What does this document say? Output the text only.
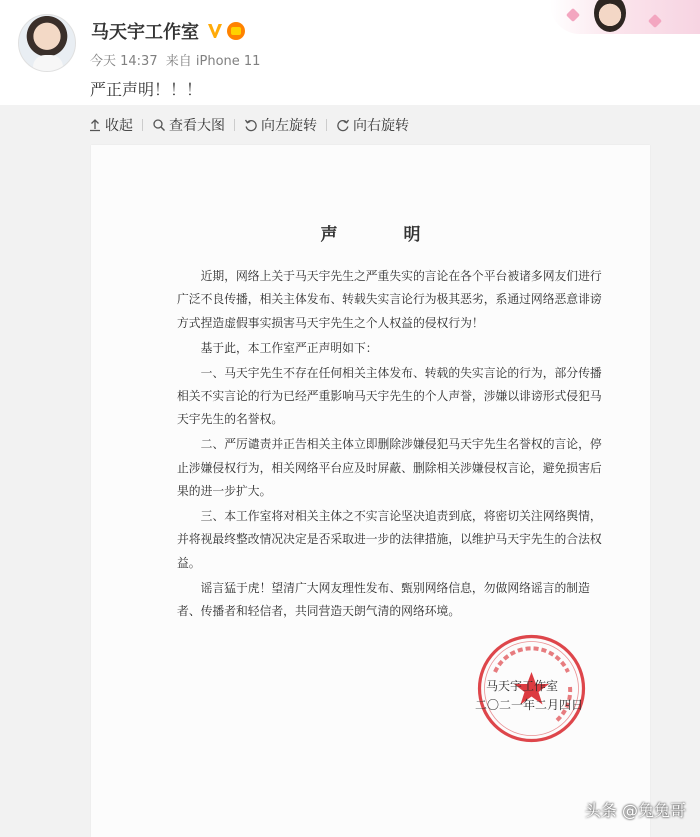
马天宇工作室
今天 14:37 来自 iPhone 11
严正声明！！！
收起	查看大图	向左旋转	向右旋转
声 明

近期，网络上关于马天宇先生之严重失实的言论在各个平台被诸多网友们进行广泛不良传播，相关主体发布、转载失实言论行为极其恶劣，系通过网络恶意诽谤方式捏造虚假事实损害马天宇先生之个人权益的侵权行为！

基于此，本工作室严正声明如下：

一、马天宇先生不存在任何相关主体发布、转载的失实言论的行为，部分传播相关不实言论的行为已经严重影响马天宇先生的个人声誉，涉嫌以诽谤形式侵犯马天宇先生的名誉权。

二、严厉谴责并正告相关主体立即删除涉嫌侵犯马天宇先生名誉权的言论，停止涉嫌侵权行为，相关网络平台应及时屏蔽、删除相关涉嫌侵权言论，避免损害后果的进一步扩大。

三、本工作室将对相关主体之不实言论坚决追责到底，将密切关注网络舆情，并将视最终整改情况决定是否采取进一步的法律措施，以维护马天宇先生的合法权益。

谣言猛于虎！望清广大网友理性发布、甄别网络信息，勿做网络谣言的制造者、传播者和轻信者，共同营造天朗气清的网络环境。

马天宇工作室
二〇二一年二月四日
头条 @兔兔哥
